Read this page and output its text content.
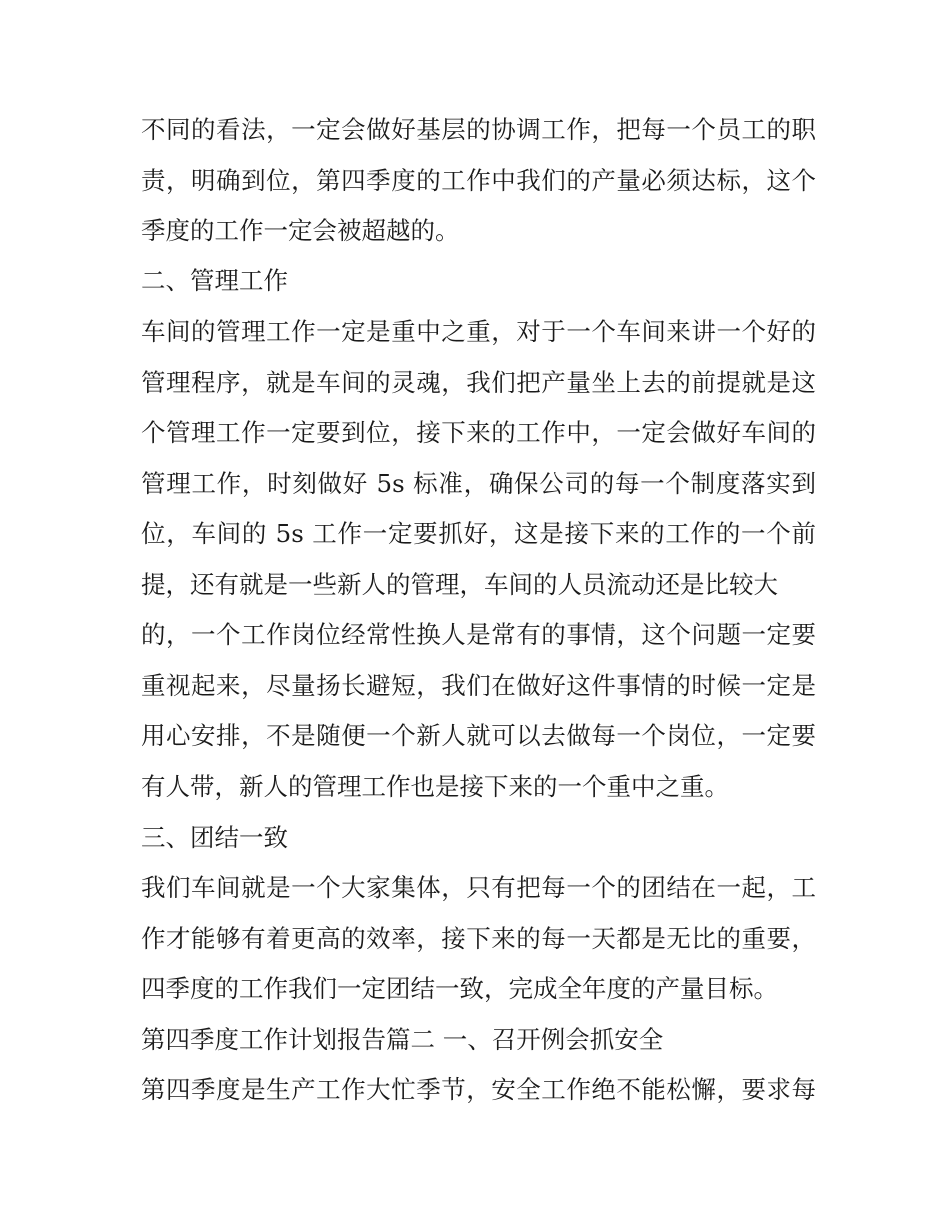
不同的看法，一定会做好基层的协调工作，把每一个员工的职
责，明确到位，第四季度的工作中我们的产量必须达标，这个
季度的工作一定会被超越的。
二、管理工作
车间的管理工作一定是重中之重，对于一个车间来讲一个好的
管理程序，就是车间的灵魂，我们把产量坐上去的前提就是这
个管理工作一定要到位，接下来的工作中，一定会做好车间的
管理工作，时刻做好 5s 标准，确保公司的每一个制度落实到
位，车间的 5s 工作一定要抓好，这是接下来的工作的一个前
提，还有就是一些新人的管理，车间的人员流动还是比较大
的，一个工作岗位经常性换人是常有的事情，这个问题一定要
重视起来，尽量扬长避短，我们在做好这件事情的时候一定是
用心安排，不是随便一个新人就可以去做每一个岗位，一定要
有人带，新人的管理工作也是接下来的一个重中之重。
三、团结一致
我们车间就是一个大家集体，只有把每一个的团结在一起，工
作才能够有着更高的效率，接下来的每一天都是无比的重要，
四季度的工作我们一定团结一致，完成全年度的产量目标。
第四季度工作计划报告篇二 一、召开例会抓安全
第四季度是生产工作大忙季节，安全工作绝不能松懈，要求每
